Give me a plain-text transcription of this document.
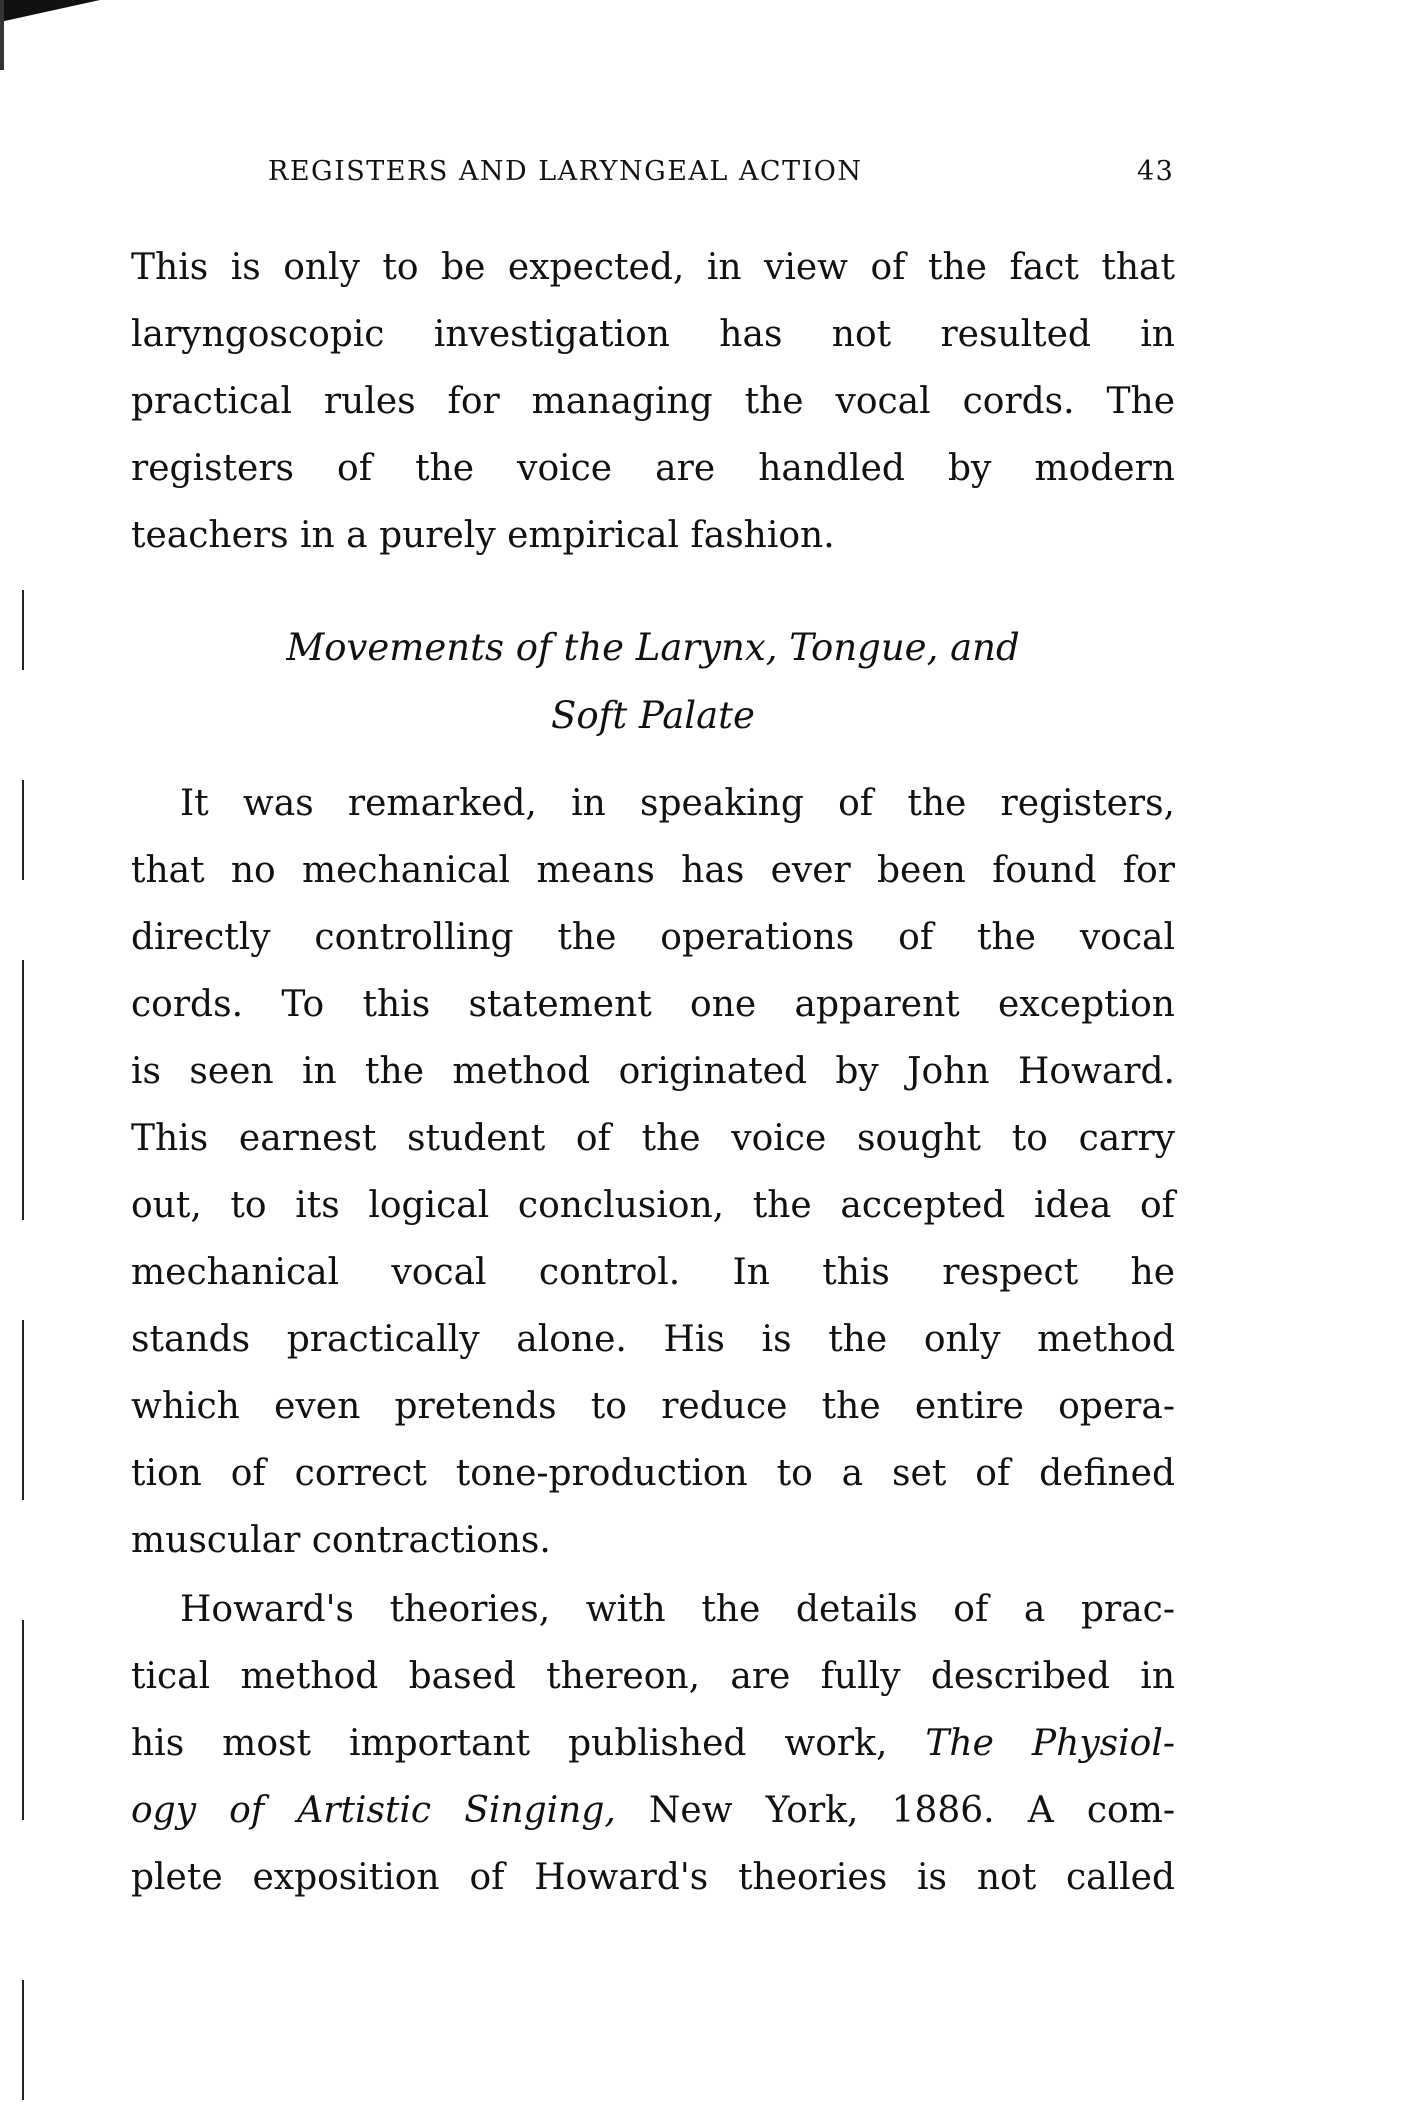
REGISTERS AND LARYNGEAL ACTION	43
This is only to be expected, in view of the fact that
laryngoscopic investigation has not resulted in
practical rules for managing the vocal cords. The
registers of the voice are handled by modern
teachers in a purely empirical fashion.
Movements of the Larynx, Tongue, and
Soft Palate
It was remarked, in speaking of the registers,
that no mechanical means has ever been found for
directly controlling the operations of the vocal
cords. To this statement one apparent exception
is seen in the method originated by John Howard.
This earnest student of the voice sought to carry
out, to its logical conclusion, the accepted idea of
mechanical vocal control. In this respect he
stands practically alone. His is the only method
which even pretends to reduce the entire opera-
tion of correct tone-production to a set of defined
muscular contractions.
Howard's theories, with the details of a prac-
tical method based thereon, are fully described in
his most important published work, The Physiol-
ogy of Artistic Singing, New York, 1886. A com-
plete exposition of Howard's theories is not called
